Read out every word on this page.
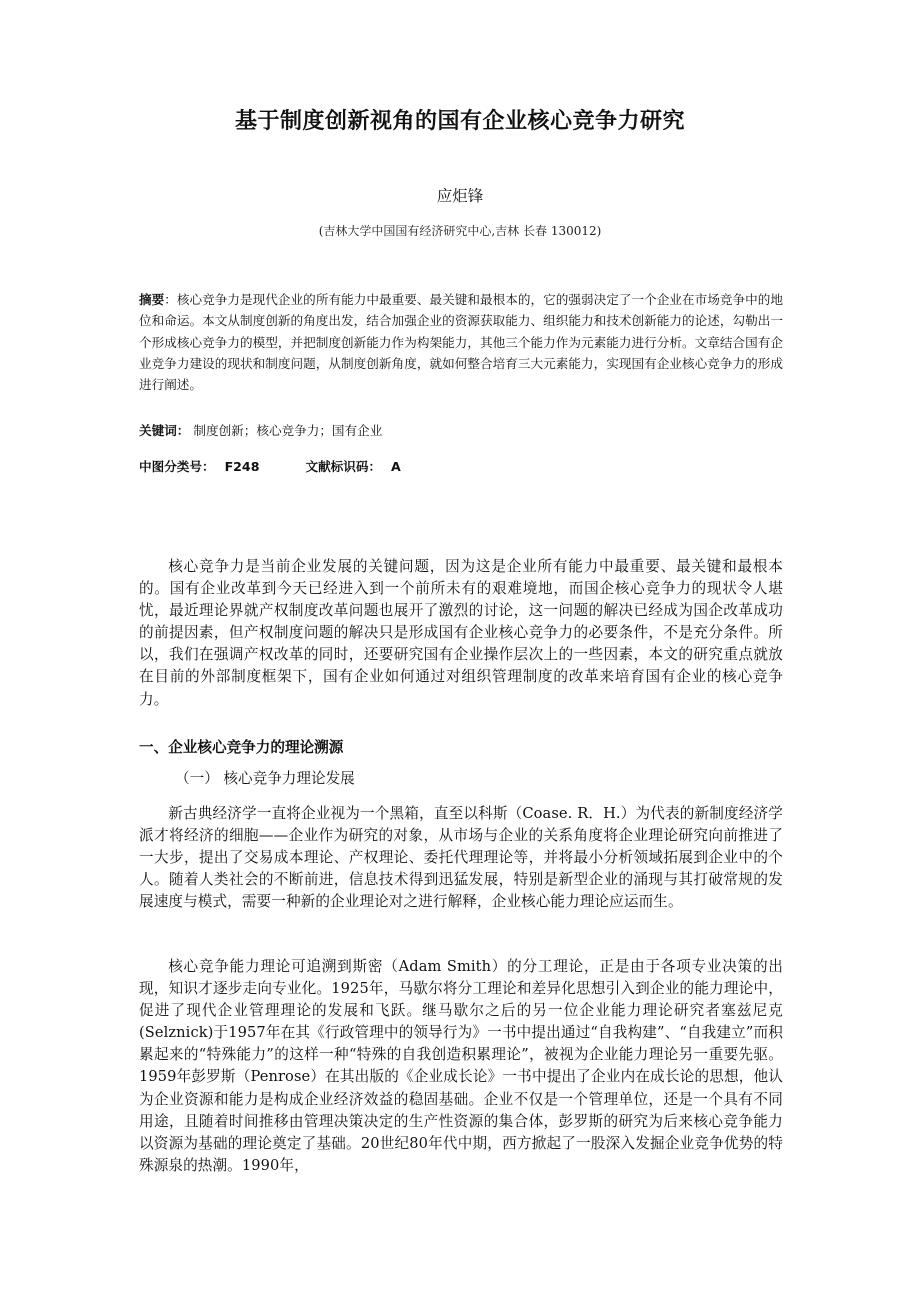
基于制度创新视角的国有企业核心竞争力研究
应炬锋
(吉林大学中国国有经济研究中心,吉林 长春 130012)

摘要：核心竞争力是现代企业的所有能力中最重要、最关键和最根本的，它的强弱决定了一个企业在市场竞争中的地位和命运。本文从制度创新的角度出发，结合加强企业的资源获取能力、组织能力和技术创新能力的论述，勾勒出一个形成核心竞争力的模型，并把制度创新能力作为构架能力，其他三个能力作为元素能力进行分析。文章结合国有企业竞争力建设的现状和制度问题，从制度创新角度，就如何整合培育三大元素能力，实现国有企业核心竞争力的形成进行阐述。

关键词： 制度创新；核心竞争力；国有企业

中图分类号： F248	文献标识码： A

核心竞争力是当前企业发展的关键问题，因为这是企业所有能力中最重要、最关键和最根本的。国有企业改革到今天已经进入到一个前所未有的艰难境地，而国企核心竞争力的现状令人堪忧，最近理论界就产权制度改革问题也展开了激烈的讨论，这一问题的解决已经成为国企改革成功的前提因素，但产权制度问题的解决只是形成国有企业核心竞争力的必要条件，不是充分条件。所以，我们在强调产权改革的同时，还要研究国有企业操作层次上的一些因素，本文的研究重点就放在目前的外部制度框架下，国有企业如何通过对组织管理制度的改革来培育国有企业的核心竞争力。

一、企业核心竞争力的理论溯源
（一） 核心竞争力理论发展

新古典经济学一直将企业视为一个黑箱，直至以科斯（Coase. R．H.）为代表的新制度经济学派才将经济的细胞——企业作为研究的对象，从市场与企业的关系角度将企业理论研究向前推进了一大步，提出了交易成本理论、产权理论、委托代理理论等，并将最小分析领域拓展到企业中的个人。随着人类社会的不断前进，信息技术得到迅猛发展，特别是新型企业的涌现与其打破常规的发展速度与模式，需要一种新的企业理论对之进行解释，企业核心能力理论应运而生。

核心竞争能力理论可追溯到斯密（Adam Smith）的分工理论，正是由于各项专业决策的出现，知识才逐步走向专业化。1925年，马歇尔将分工理论和差异化思想引入到企业的能力理论中，促进了现代企业管理理论的发展和飞跃。继马歇尔之后的另一位企业能力理论研究者塞兹尼克(Selznick)于1957年在其《行政管理中的领导行为》一书中提出通过“自我构建”、“自我建立”而积累起来的“特殊能力”的这样一种“特殊的自我创造积累理论”，被视为企业能力理论另一重要先驱。1959年彭罗斯（Penrose）在其出版的《企业成长论》一书中提出了企业内在成长论的思想，他认为企业资源和能力是构成企业经济效益的稳固基础。企业不仅是一个管理单位，还是一个具有不同用途，且随着时间推移由管理决策决定的生产性资源的集合体，彭罗斯的研究为后来核心竞争能力以资源为基础的理论奠定了基础。20世纪80年代中期，西方掀起了一股深入发掘企业竞争优势的特殊源泉的热潮。1990年，
